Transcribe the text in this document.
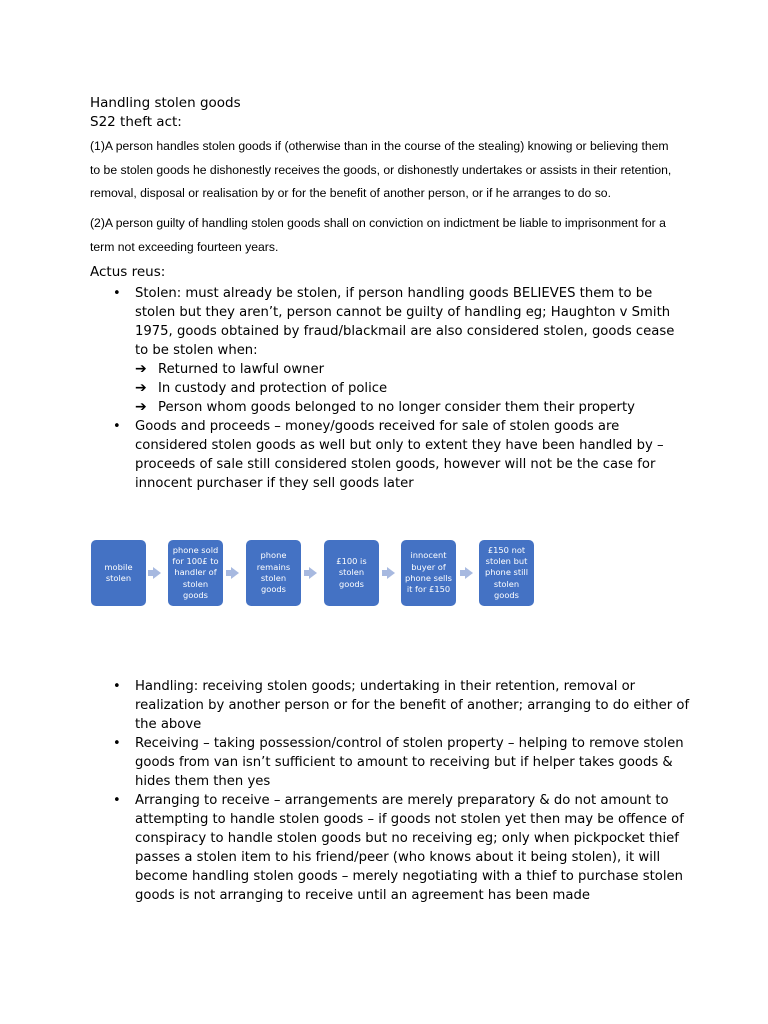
Handling stolen goods
S22 theft act:
(1)A person handles stolen goods if (otherwise than in the course of the stealing) knowing or believing them to be stolen goods he dishonestly receives the goods, or dishonestly undertakes or assists in their retention, removal, disposal or realisation by or for the benefit of another person, or if he arranges to do so.
(2)A person guilty of handling stolen goods shall on conviction on indictment be liable to imprisonment for a term not exceeding fourteen years.
Actus reus:
• Stolen: must already be stolen, if person handling goods BELIEVES them to be stolen but they aren’t, person cannot be guilty of handling eg; Haughton v Smith 1975, goods obtained by fraud/blackmail are also considered stolen, goods cease to be stolen when:
➔ Returned to lawful owner
➔ In custody and protection of police
➔ Person whom goods belonged to no longer consider them their property
• Goods and proceeds – money/goods received for sale of stolen goods are considered stolen goods as well but only to extent they have been handled by – proceeds of sale still considered stolen goods, however will not be the case for innocent purchaser if they sell goods later
mobile stolen
phone sold for 100£ to handler of stolen goods
phone remains stolen goods
£100 is stolen goods
innocent buyer of phone sells it for £150
£150 not stolen but phone still stolen goods
• Handling: receiving stolen goods; undertaking in their retention, removal or realization by another person or for the benefit of another; arranging to do either of the above
• Receiving – taking possession/control of stolen property – helping to remove stolen goods from van isn’t sufficient to amount to receiving but if helper takes goods & hides them then yes
• Arranging to receive – arrangements are merely preparatory & do not amount to attempting to handle stolen goods – if goods not stolen yet then may be offence of conspiracy to handle stolen goods but no receiving eg; only when pickpocket thief passes a stolen item to his friend/peer (who knows about it being stolen), it will become handling stolen goods – merely negotiating with a thief to purchase stolen goods is not arranging to receive until an agreement has been made
